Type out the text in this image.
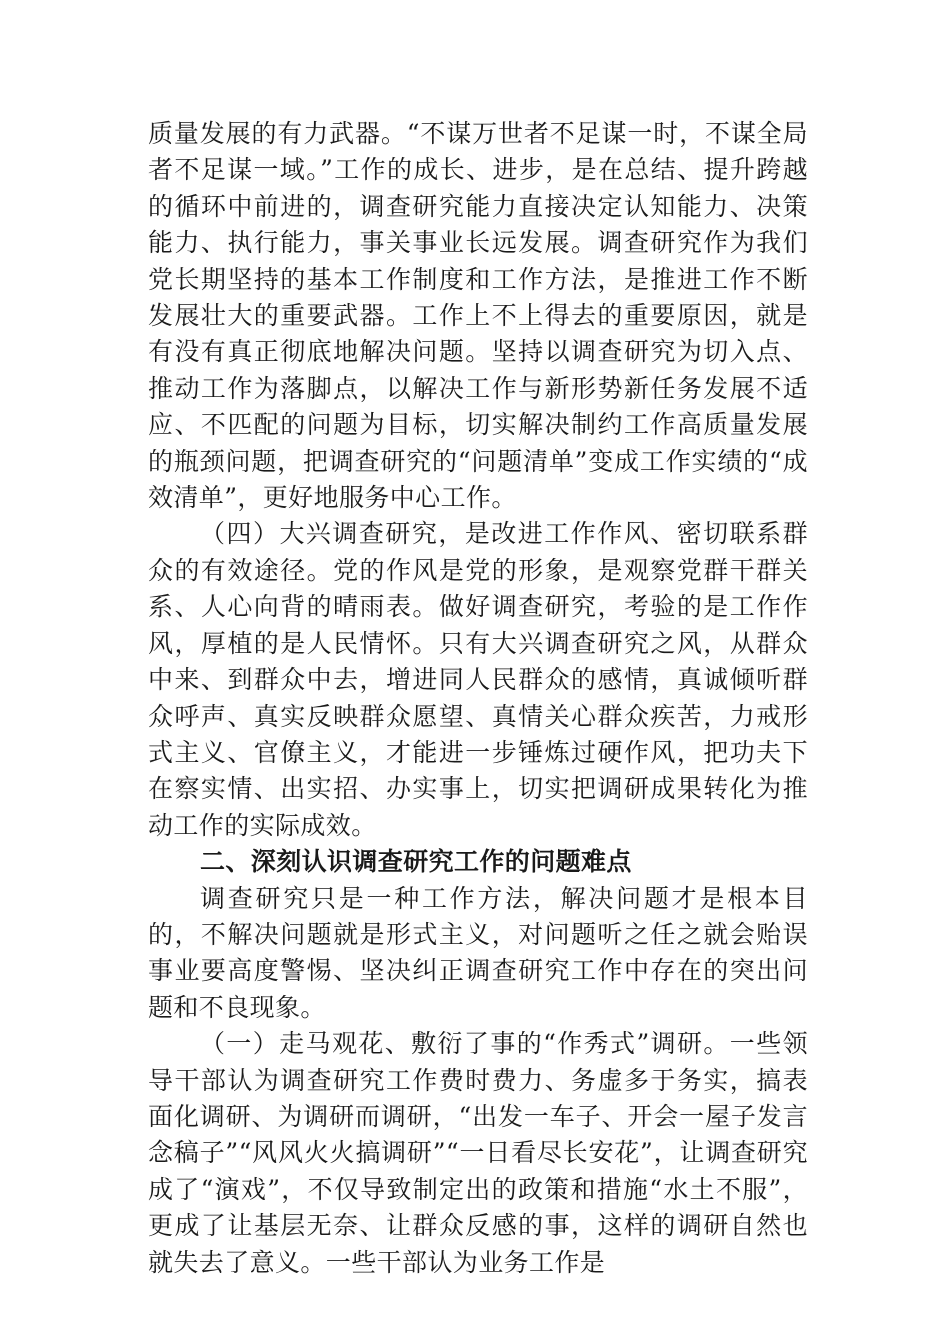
质量发展的有力武器。“不谋万世者不足谋一时，不谋全局者不足谋一域。”工作的成长、进步，是在总结、提升跨越的循环中前进的，调查研究能力直接决定认知能力、决策能力、执行能力，事关事业长远发展。调查研究作为我们党长期坚持的基本工作制度和工作方法，是推进工作不断发展壮大的重要武器。工作上不上得去的重要原因，就是有没有真正彻底地解决问题。坚持以调查研究为切入点、推动工作为落脚点，以解决工作与新形势新任务发展不适应、不匹配的问题为目标，切实解决制约工作高质量发展的瓶颈问题，把调查研究的“问题清单”变成工作实绩的“成效清单”，更好地服务中心工作。

（四）大兴调查研究，是改进工作作风、密切联系群众的有效途径。党的作风是党的形象，是观察党群干群关系、人心向背的晴雨表。做好调查研究，考验的是工作作风，厚植的是人民情怀。只有大兴调查研究之风，从群众中来、到群众中去，增进同人民群众的感情，真诚倾听群众呼声、真实反映群众愿望、真情关心群众疾苦，力戒形式主义、官僚主义，才能进一步锤炼过硬作风，把功夫下在察实情、出实招、办实事上，切实把调研成果转化为推动工作的实际成效。

二、深刻认识调查研究工作的问题难点

调查研究只是一种工作方法，解决问题才是根本目的，不解决问题就是形式主义，对问题听之任之就会贻误事业要高度警惕、坚决纠正调查研究工作中存在的突出问题和不良现象。

（一）走马观花、敷衍了事的“作秀式”调研。一些领导干部认为调查研究工作费时费力、务虚多于务实，搞表面化调研、为调研而调研，“出发一车子、开会一屋子发言念稿子”“风风火火搞调研”“一日看尽长安花”，让调查研究成了“演戏”，不仅导致制定出的政策和措施“水土不服”，更成了让基层无奈、让群众反感的事，这样的调研自然也就失去了意义。一些干部认为业务工作是
